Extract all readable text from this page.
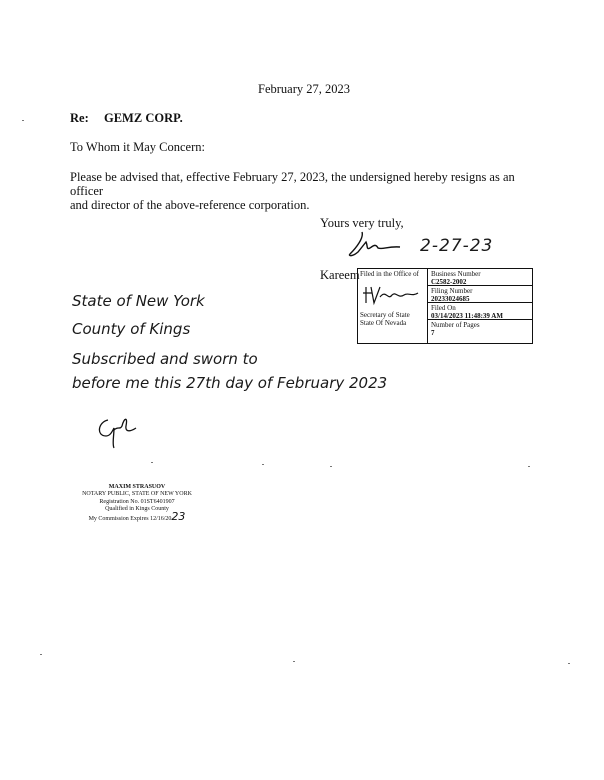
February 27, 2023
Re: GEMZ CORP.
To Whom it May Concern:
Please be advised that, effective February 27, 2023, the undersigned hereby resigns as an officer
and director of the above-reference corporation.
Yours very truly,
2-27-23
Kareem Filed in the Office of
Secretary of State
State Of Nevada
Business Number
C2582-2002
Filing Number
20233024685
Filed On
03/14/2023 11:48:39 AM
Number of Pages
7
State of New York
County of Kings
Subscribed and sworn to
before me this 27th day of February 2023
MAXIM STRASUOV
NOTARY PUBLIC, STATE OF NEW YORK
Registration No. 01ST6401907
Qualified in Kings County
My Commission Expires 12/16/2023
